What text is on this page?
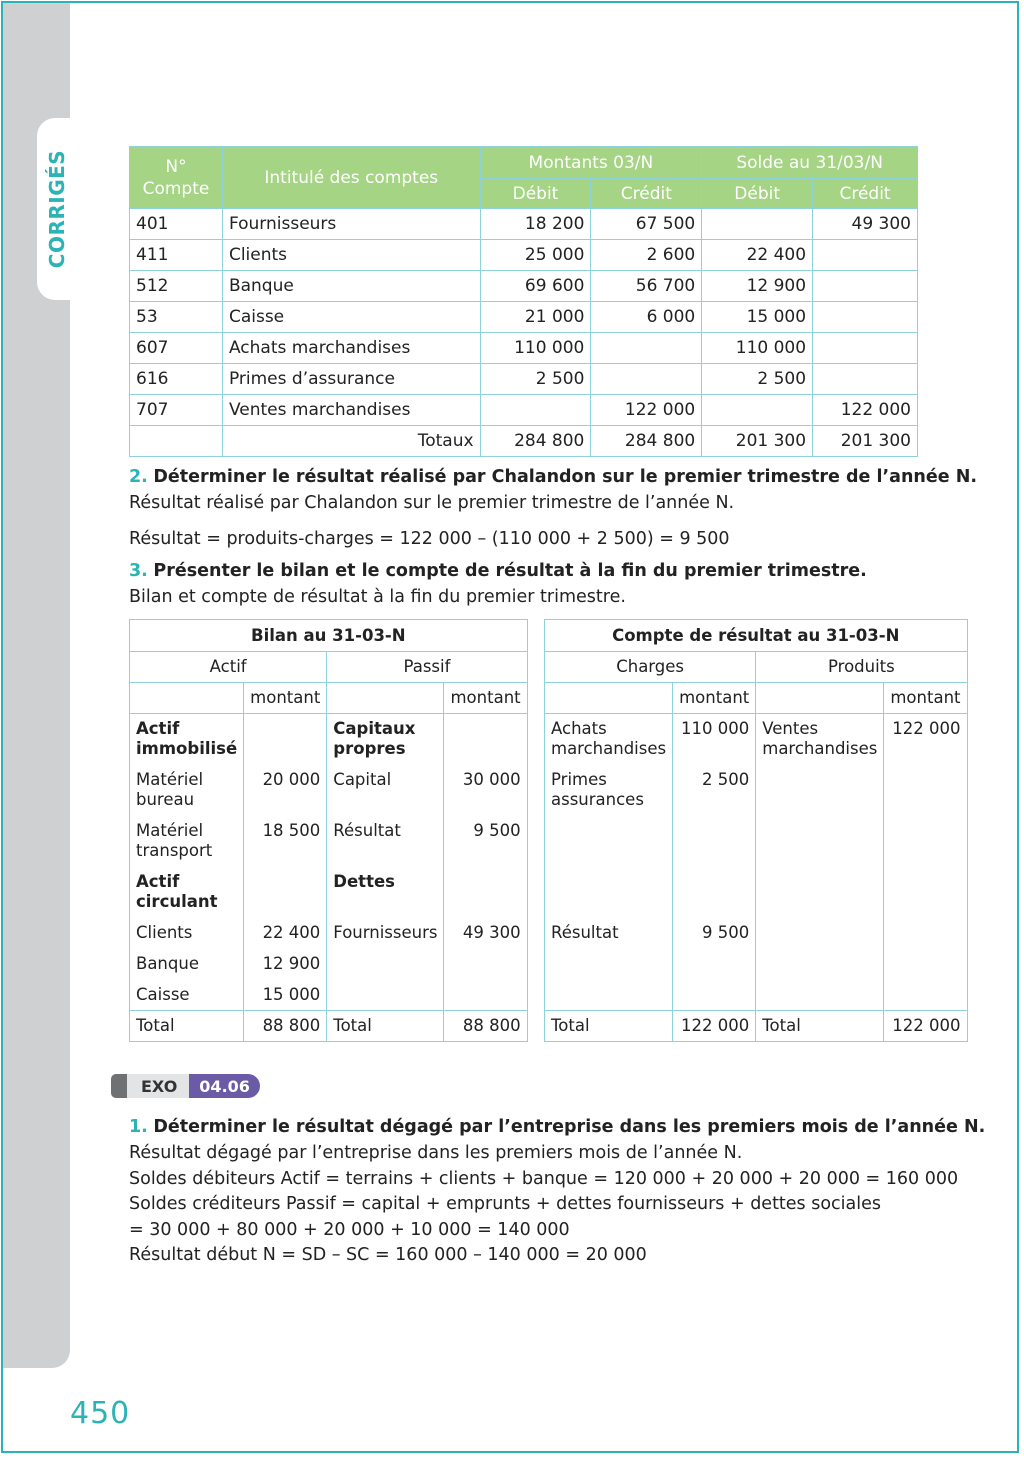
CORRIGÉS	N°
Compte	Intitulé des comptes	Montants 03/N		Solde au 31/03/N	
		Débit	Crédit	Débit	Crédit
401	Fournisseurs	18 200	67 500		49 300
411	Clients	25 000	2 600	22 400	
512	Banque	69 600	56 700	12 900	
53	Caisse	21 000	6 000	15 000	
607	Achats marchandises	110 000		110 000	
616	Primes d’assurance	2 500		2 500	
707	Ventes marchandises		122 000		122 000
	Totaux	284 800	284 800	201 300	201 300
2. Déterminer le résultat réalisé par Chalandon sur le premier trimestre de l’année N.
Résultat réalisé par Chalandon sur le premier trimestre de l’année N.
Résultat = produits-charges = 122 000 – (110 000 + 2 500) = 9 500
3. Présenter le bilan et le compte de résultat à la fin du premier trimestre.
Bilan et compte de résultat à la fin du premier trimestre.
Bilan au 31-03-N			
Actif		Passif	
	montant		montant
Actif immobilisé		Capitaux propres	
Matériel bureau	20 000	Capital	30 000
Matériel transport	18 500	Résultat	9 500
Actif circulant		Dettes	
Clients	22 400	Fournisseurs	49 300
Banque	12 900		
Caisse	15 000		
Total	88 800	Total	88 800
Compte de résultat au 31-03-N			
Charges		Produits	
	montant		montant
Achats marchandises	110 000	Ventes marchandises	122 000
Primes assurances	2 500		

Résultat	9 500		

Total	122 000	Total	122 000
EXO	04.06
1. Déterminer le résultat dégagé par l’entreprise dans les premiers mois de l’année N.
Résultat dégagé par l’entreprise dans les premiers mois de l’année N.
Soldes débiteurs Actif = terrains + clients + banque = 120 000 + 20 000 + 20 000 = 160 000
Soldes créditeurs Passif = capital + emprunts + dettes fournisseurs + dettes sociales
= 30 000 + 80 000 + 20 000 + 10 000 = 140 000
Résultat début N = SD – SC = 160 000 – 140 000 = 20 000
450
